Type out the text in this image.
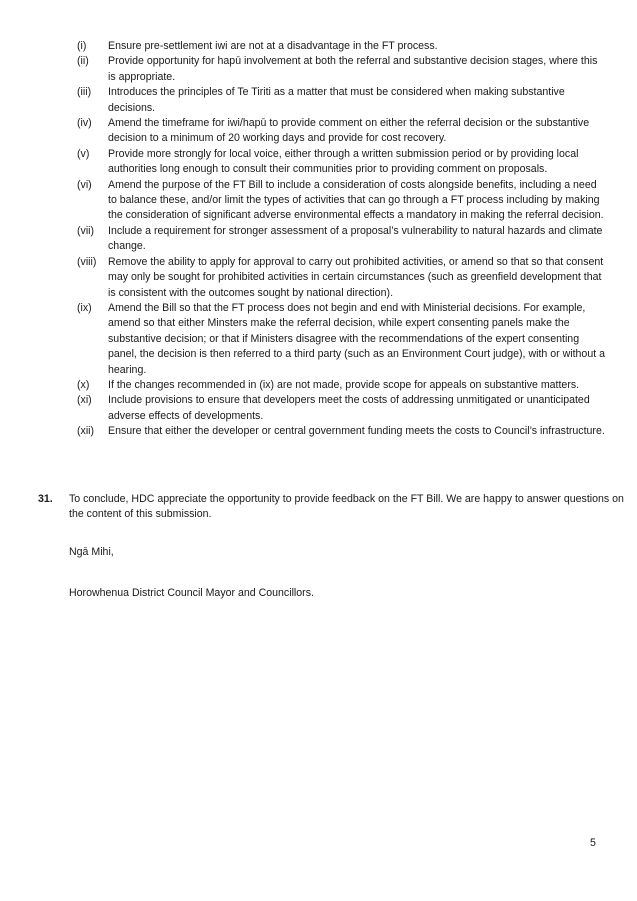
(i) Ensure pre-settlement iwi are not at a disadvantage in the FT process.

(ii) Provide opportunity for hapū involvement at both the referral and substantive decision stages, where this is appropriate.

(iii) Introduces the principles of Te Tiriti as a matter that must be considered when making substantive decisions.

(iv) Amend the timeframe for iwi/hapū to provide comment on either the referral decision or the substantive decision to a minimum of 20 working days and provide for cost recovery.

(v) Provide more strongly for local voice, either through a written submission period or by providing local authorities long enough to consult their communities prior to providing comment on proposals.

(vi) Amend the purpose of the FT Bill to include a consideration of costs alongside benefits, including a need to balance these, and/or limit the types of activities that can go through a FT process including by making the consideration of significant adverse environmental effects a mandatory in making the referral decision.

(vii) Include a requirement for stronger assessment of a proposal’s vulnerability to natural hazards and climate change.

(viii) Remove the ability to apply for approval to carry out prohibited activities, or amend so that so that consent may only be sought for prohibited activities in certain circumstances (such as greenfield development that is consistent with the outcomes sought by national direction).

(ix) Amend the Bill so that the FT process does not begin and end with Ministerial decisions. For example, amend so that either Minsters make the referral decision, while expert consenting panels make the substantive decision; or that if Ministers disagree with the recommendations of the expert consenting panel, the decision is then referred to a third party (such as an Environment Court judge), with or without a hearing.

(x) If the changes recommended in (ix) are not made, provide scope for appeals on substantive matters.

(xi) Include provisions to ensure that developers meet the costs of addressing unmitigated or unanticipated adverse effects of developments.

(xii) Ensure that either the developer or central government funding meets the costs to Council’s infrastructure.

31. To conclude, HDC appreciate the opportunity to provide feedback on the FT Bill. We are happy to answer questions on the content of this submission.

Ngā Mihi,

Horowhenua District Council Mayor and Councillors.

5
